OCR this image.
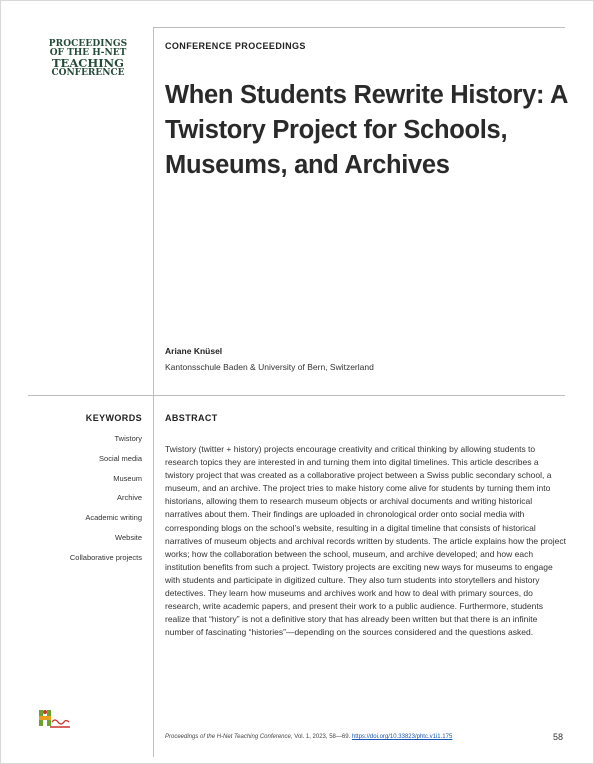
PROCEEDINGS
OF THE H-NET
TEACHING
CONFERENCE
CONFERENCE PROCEEDINGS
When Students Rewrite History: A Twistory Project for Schools, Museums, and Archives
Ariane Knüsel
Kantonsschule Baden & University of Bern, Switzerland
KEYWORDS
Twistory
Social media
Museum
Archive
Academic writing
Website
Collaborative projects
ABSTRACT

Twistory (twitter + history) projects encourage creativity and critical thinking by allowing students to research topics they are interested in and turning them into digital timelines. This article describes a twistory project that was created as a collaborative project between a Swiss public secondary school, a museum, and an archive. The project tries to make history come alive for students by turning them into historians, allowing them to research museum objects or archival documents and writing historical narratives about them. Their findings are uploaded in chronological order onto social media with corresponding blogs on the school’s website, resulting in a digital timeline that consists of historical narratives of museum objects and archival records written by students. The article explains how the project works; how the collaboration between the school, museum, and archive developed; and how each institution benefits from such a project. Twistory projects are exciting new ways for museums to engage with students and participate in digitized culture. They also turn students into storytellers and history detectives. They learn how museums and archives work and how to deal with primary sources, do research, write academic papers, and present their work to a public audience. Furthermore, students realize that “history” is not a definitive story that has already been written but that there is an infinite number of fascinating “histories”—depending on the sources considered and the questions asked.

Proceedings of the H-Net Teaching Conference, Vol. 1, 2023, 58—69. https://doi.org/10.33823/phtc.v1i1.175	58
